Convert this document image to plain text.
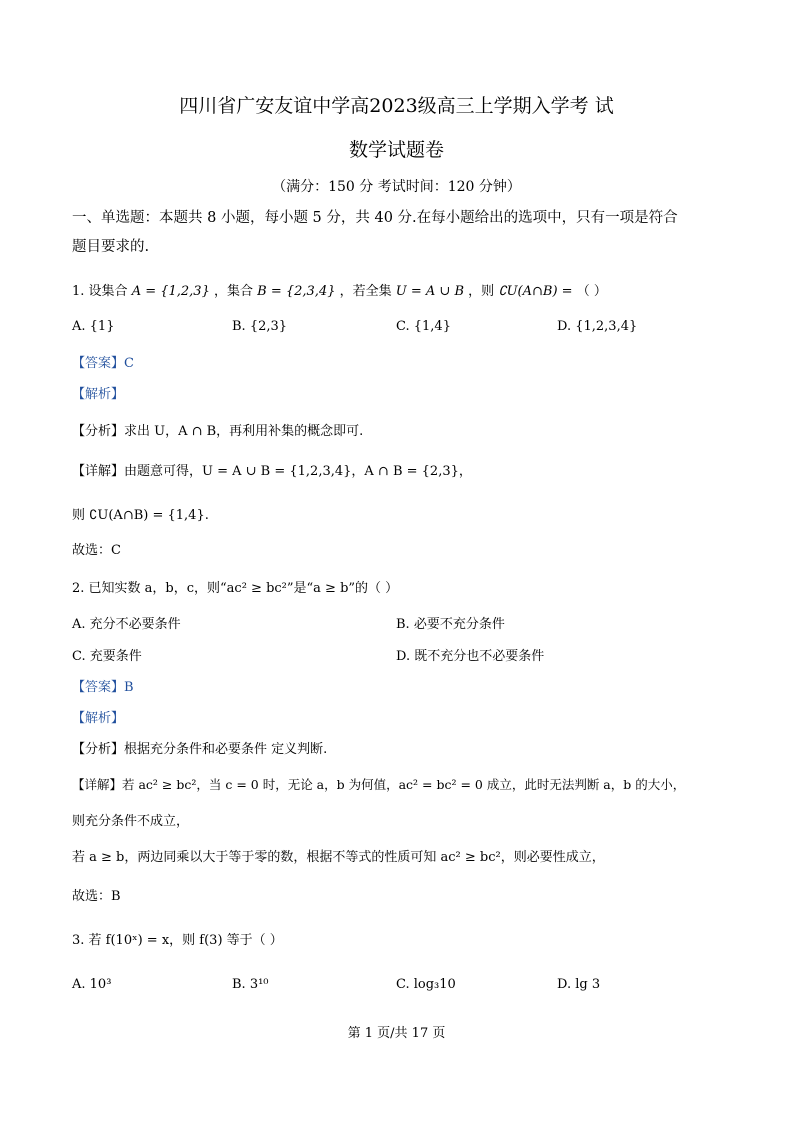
四川省广安友谊中学高2023级高三上学期入学考 试
数学试题卷
（满分：150 分 考试时间：120 分钟）
一、单选题：本题共 8 小题，每小题 5 分，共 40 分.在每小题给出的选项中，只有一项是符合
题目要求的.
1. 设集合 A = {1,2,3} ，集合 B = {2,3,4} ，若全集 U = A ∪ B ，则 ∁U(A∩B) = （ ）
A. {1}	B. {2,3}	C. {1,4}	D. {1,2,3,4}
【答案】C
【解析】
【分析】求出 U，A ∩ B，再利用补集的概念即可.
【详解】由题意可得，U = A ∪ B = {1,2,3,4}，A ∩ B = {2,3}，
则 ∁U(A∩B) = {1,4}.
故选：C
2. 已知实数 a，b，c，则“ac² ≥ bc²”是“a ≥ b”的（ ）
A. 充分不必要条件	B. 必要不充分条件
C. 充要条件	D. 既不充分也不必要条件
【答案】B
【解析】
【分析】根据充分条件和必要条件 定义判断.
【详解】若 ac² ≥ bc²，当 c = 0 时，无论 a，b 为何值，ac² = bc² = 0 成立，此时无法判断 a，b 的大小，
则充分条件不成立，
若 a ≥ b，两边同乘以大于等于零的数，根据不等式的性质可知 ac² ≥ bc²，则必要性成立，
故选：B
3. 若 f(10ˣ) = x，则 f(3) 等于（ ）
A. 10³	B. 3¹⁰	C. log₃10	D. lg 3
第 1 页/共 17 页
